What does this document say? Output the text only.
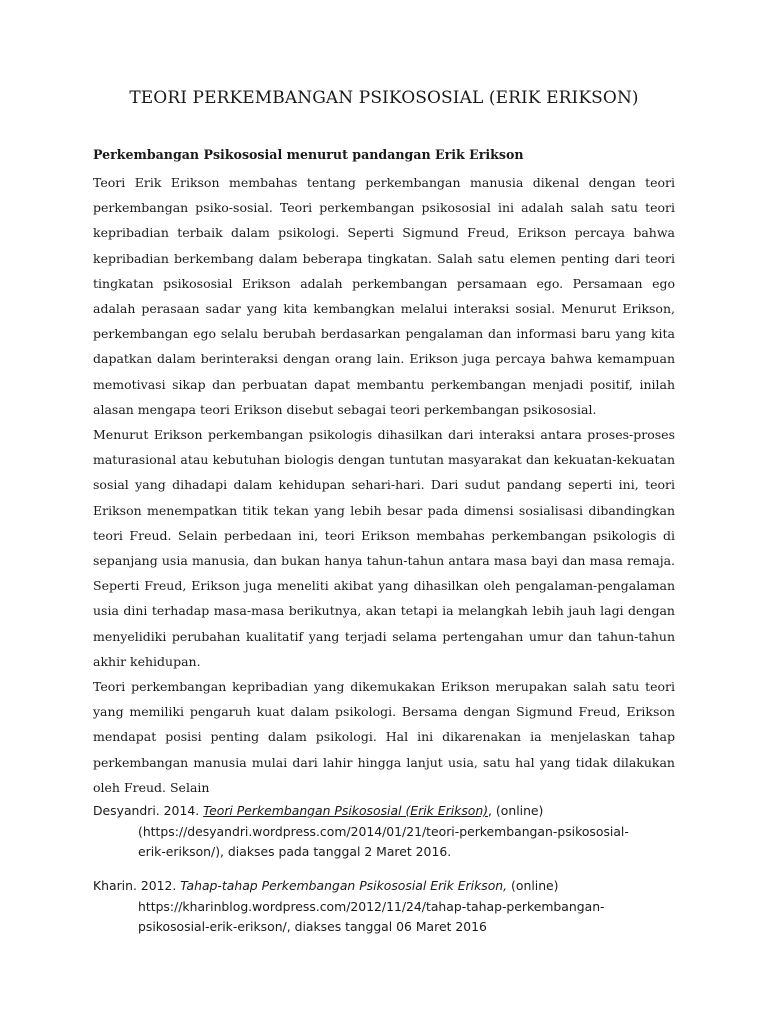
TEORI PERKEMBANGAN PSIKOSOSIAL (ERIK ERIKSON)
Perkembangan Psikososial menurut pandangan Erik Erikson

Teori Erik Erikson membahas tentang perkembangan manusia dikenal dengan teori perkembangan psiko-sosial. Teori perkembangan psikososial ini adalah salah satu teori kepribadian terbaik dalam psikologi. Seperti Sigmund Freud, Erikson percaya bahwa kepribadian berkembang dalam beberapa tingkatan. Salah satu elemen penting dari teori tingkatan psikososial Erikson adalah perkembangan persamaan ego. Persamaan ego adalah perasaan sadar yang kita kembangkan melalui interaksi sosial. Menurut Erikson, perkembangan ego selalu berubah berdasarkan pengalaman dan informasi baru yang kita dapatkan dalam berinteraksi dengan orang lain. Erikson juga percaya bahwa kemampuan memotivasi sikap dan perbuatan dapat membantu perkembangan menjadi positif, inilah alasan mengapa teori Erikson disebut sebagai teori perkembangan psikososial.

Menurut Erikson perkembangan psikologis dihasilkan dari interaksi antara proses-proses maturasional atau kebutuhan biologis dengan tuntutan masyarakat dan kekuatan-kekuatan sosial yang dihadapi dalam kehidupan sehari-hari. Dari sudut pandang seperti ini, teori Erikson menempatkan titik tekan yang lebih besar pada dimensi sosialisasi dibandingkan teori Freud. Selain perbedaan ini, teori Erikson membahas perkembangan psikologis di sepanjang usia manusia, dan bukan hanya tahun-tahun antara masa bayi dan masa remaja. Seperti Freud, Erikson juga meneliti akibat yang dihasilkan oleh pengalaman-pengalaman usia dini terhadap masa-masa berikutnya, akan tetapi ia melangkah lebih jauh lagi dengan menyelidiki perubahan kualitatif yang terjadi selama pertengahan umur dan tahun-tahun akhir kehidupan.

Teori perkembangan kepribadian yang dikemukakan Erikson merupakan salah satu teori yang memiliki pengaruh kuat dalam psikologi. Bersama dengan Sigmund Freud, Erikson mendapat posisi penting dalam psikologi. Hal ini dikarenakan ia menjelaskan tahap perkembangan manusia mulai dari lahir hingga lanjut usia, satu hal yang tidak dilakukan oleh Freud. Selain

Desyandri. 2014. Teori Perkembangan Psikososial (Erik Erikson), (online) (https://desyandri.wordpress.com/2014/01/21/teori-perkembangan-psikososial-erik-erikson/), diakses pada tanggal 2 Maret 2016.

Kharin. 2012. Tahap-tahap Perkembangan Psikososial Erik Erikson, (online) https://kharinblog.wordpress.com/2012/11/24/tahap-tahap-perkembangan-psikososial-erik-erikson/, diakses tanggal 06 Maret 2016
